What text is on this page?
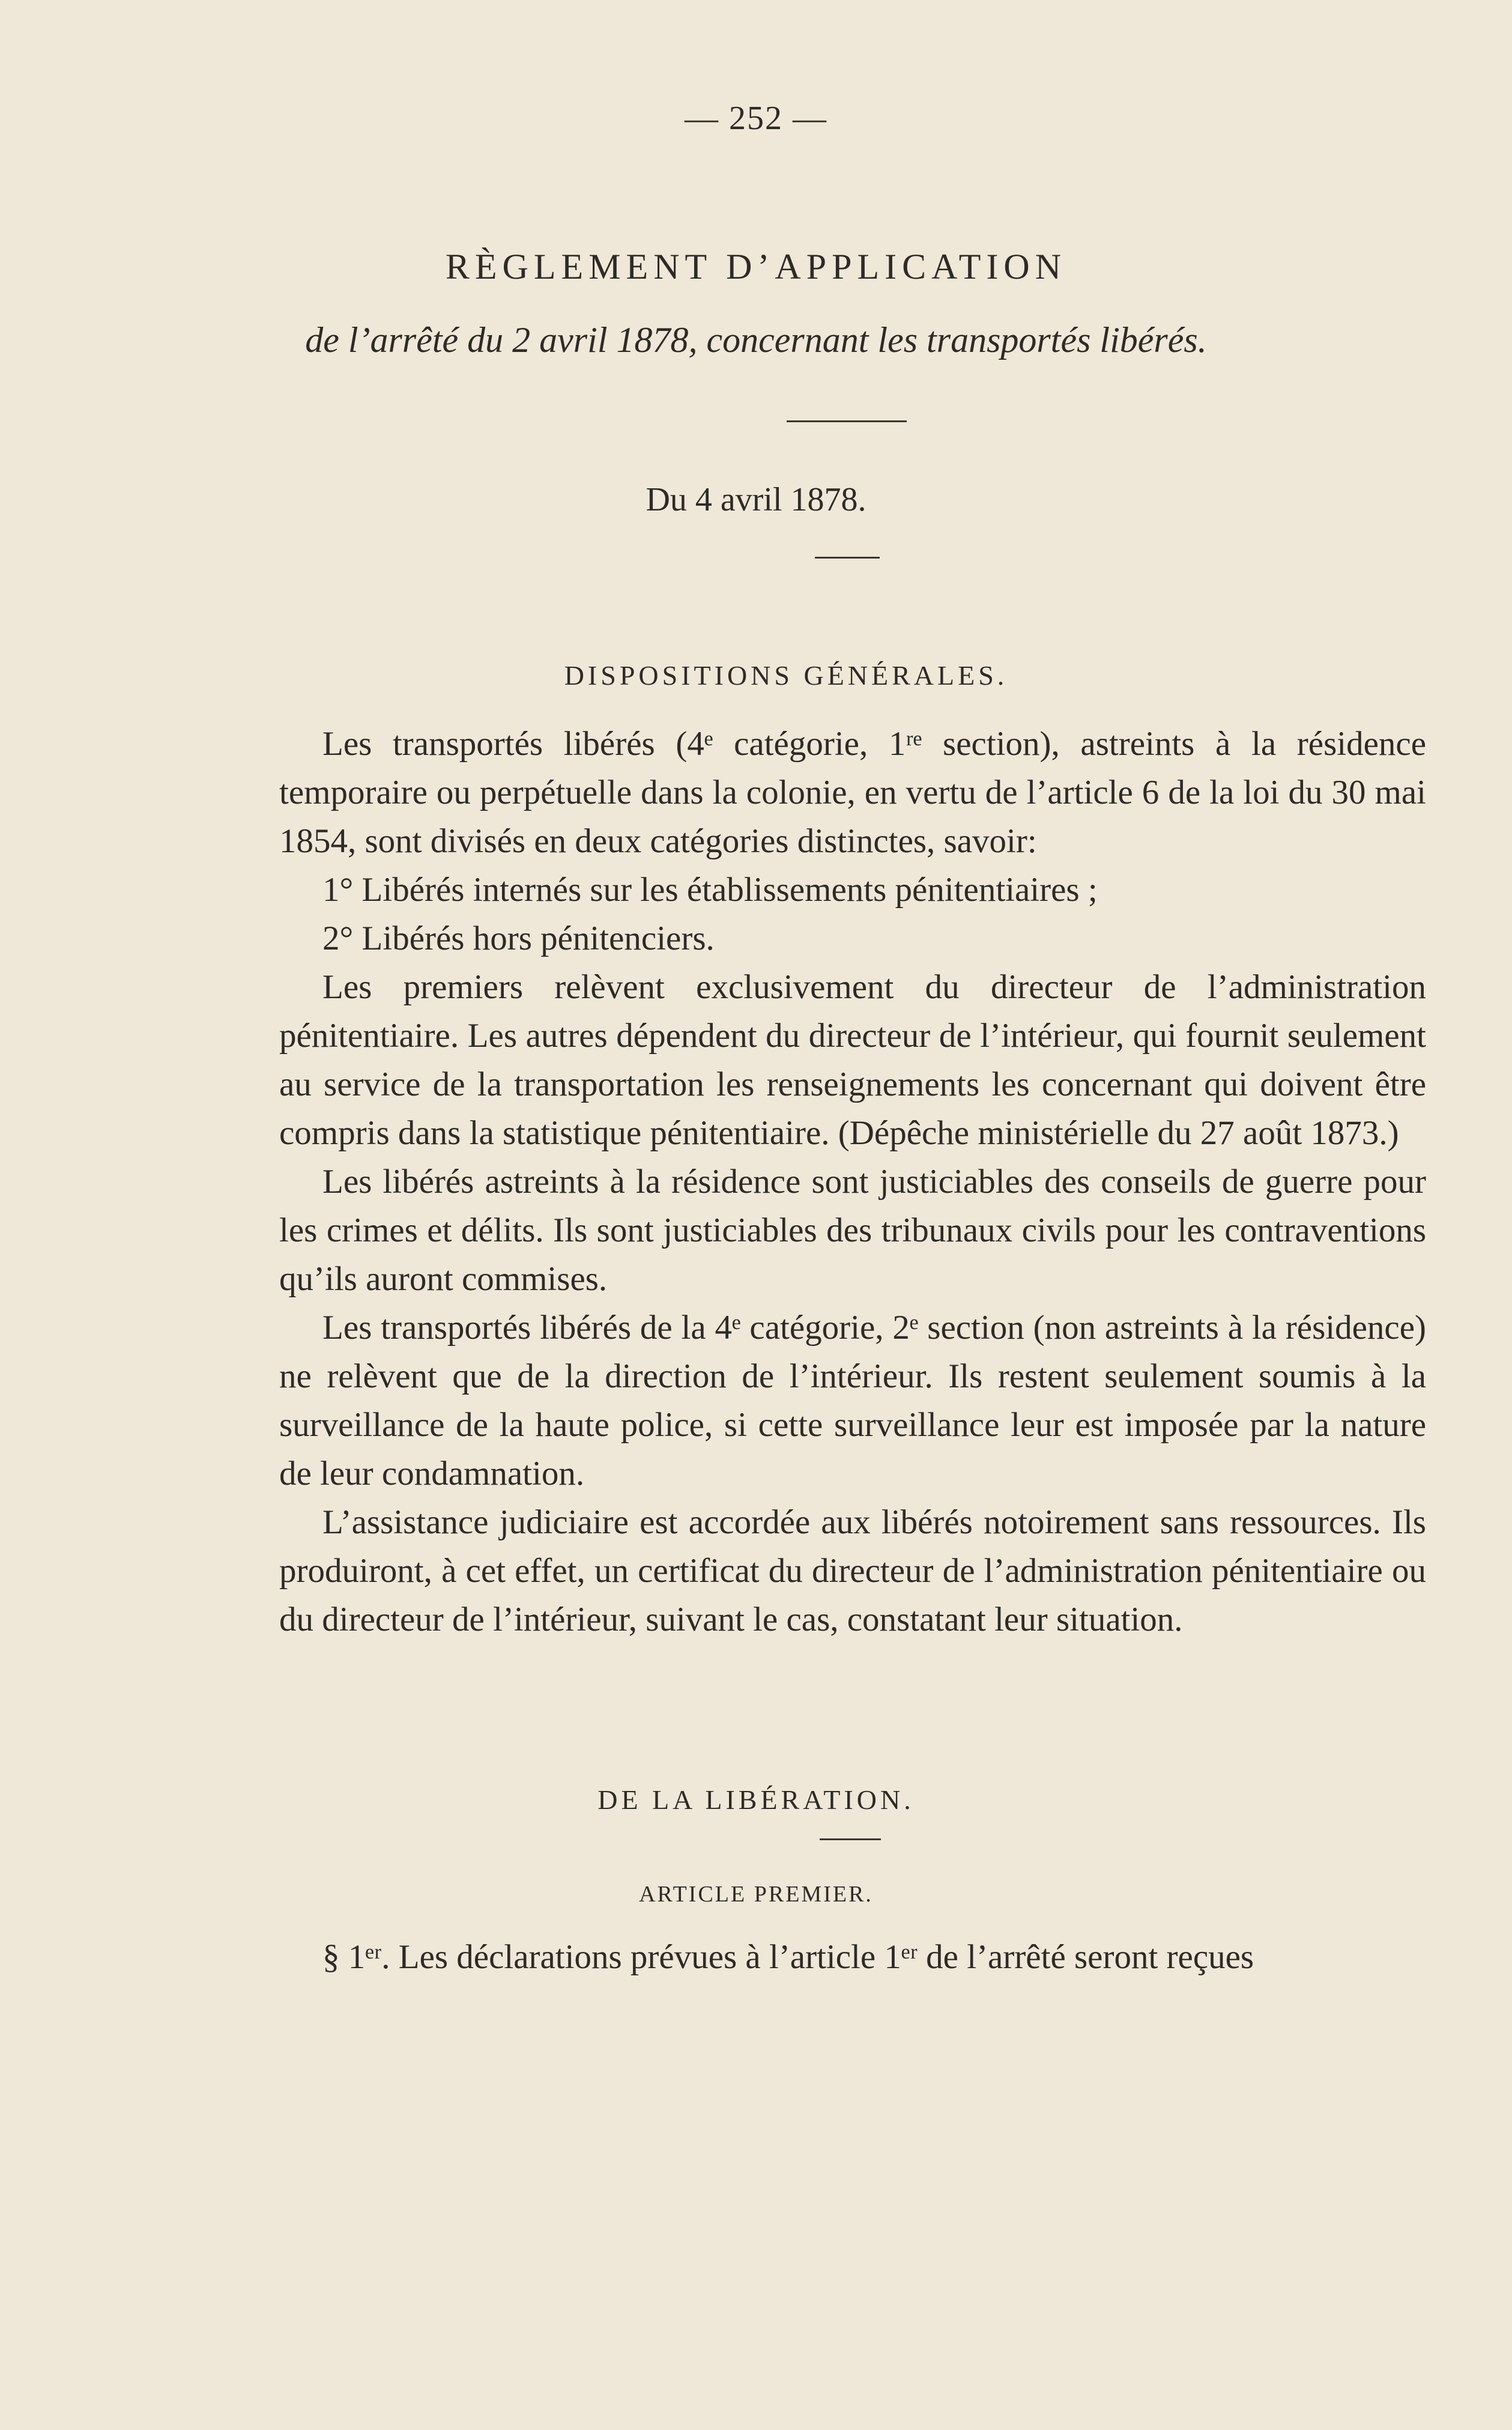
— 252 —
RÈGLEMENT D’APPLICATION
de l’arrêté du 2 avril 1878, concernant les transportés libérés.
Du 4 avril 1878.
DISPOSITIONS GÉNÉRALES.

Les transportés libérés (4ᵉ catégorie, 1ʳᵉ section), astreints à la résidence temporaire ou perpétuelle dans la colonie, en vertu de l’article 6 de la loi du 30 mai 1854, sont divisés en deux catégories distinctes, savoir:

1° Libérés internés sur les établissements pénitentiaires ;

2° Libérés hors pénitenciers.

Les premiers relèvent exclusivement du directeur de l’administration pénitentiaire. Les autres dépendent du directeur de l’intérieur, qui fournit seulement au service de la transportation les renseignements les concernant qui doivent être compris dans la statistique pénitentiaire. (Dépêche ministérielle du 27 août 1873.)

Les libérés astreints à la résidence sont justiciables des conseils de guerre pour les crimes et délits. Ils sont justiciables des tribunaux civils pour les contraventions qu’ils auront commises.

Les transportés libérés de la 4ᵉ catégorie, 2ᵉ section (non astreints à la résidence) ne relèvent que de la direction de l’intérieur. Ils restent seulement soumis à la surveillance de la haute police, si cette surveillance leur est imposée par la nature de leur condamnation.

L’assistance judiciaire est accordée aux libérés notoirement sans ressources. Ils produiront, à cet effet, un certificat du directeur de l’administration pénitentiaire ou du directeur de l’intérieur, suivant le cas, constatant leur situation.

DE LA LIBÉRATION.
ARTICLE PREMIER.

§ 1ᵉʳ. Les déclarations prévues à l’article 1ᵉʳ de l’arrêté seront reçues
